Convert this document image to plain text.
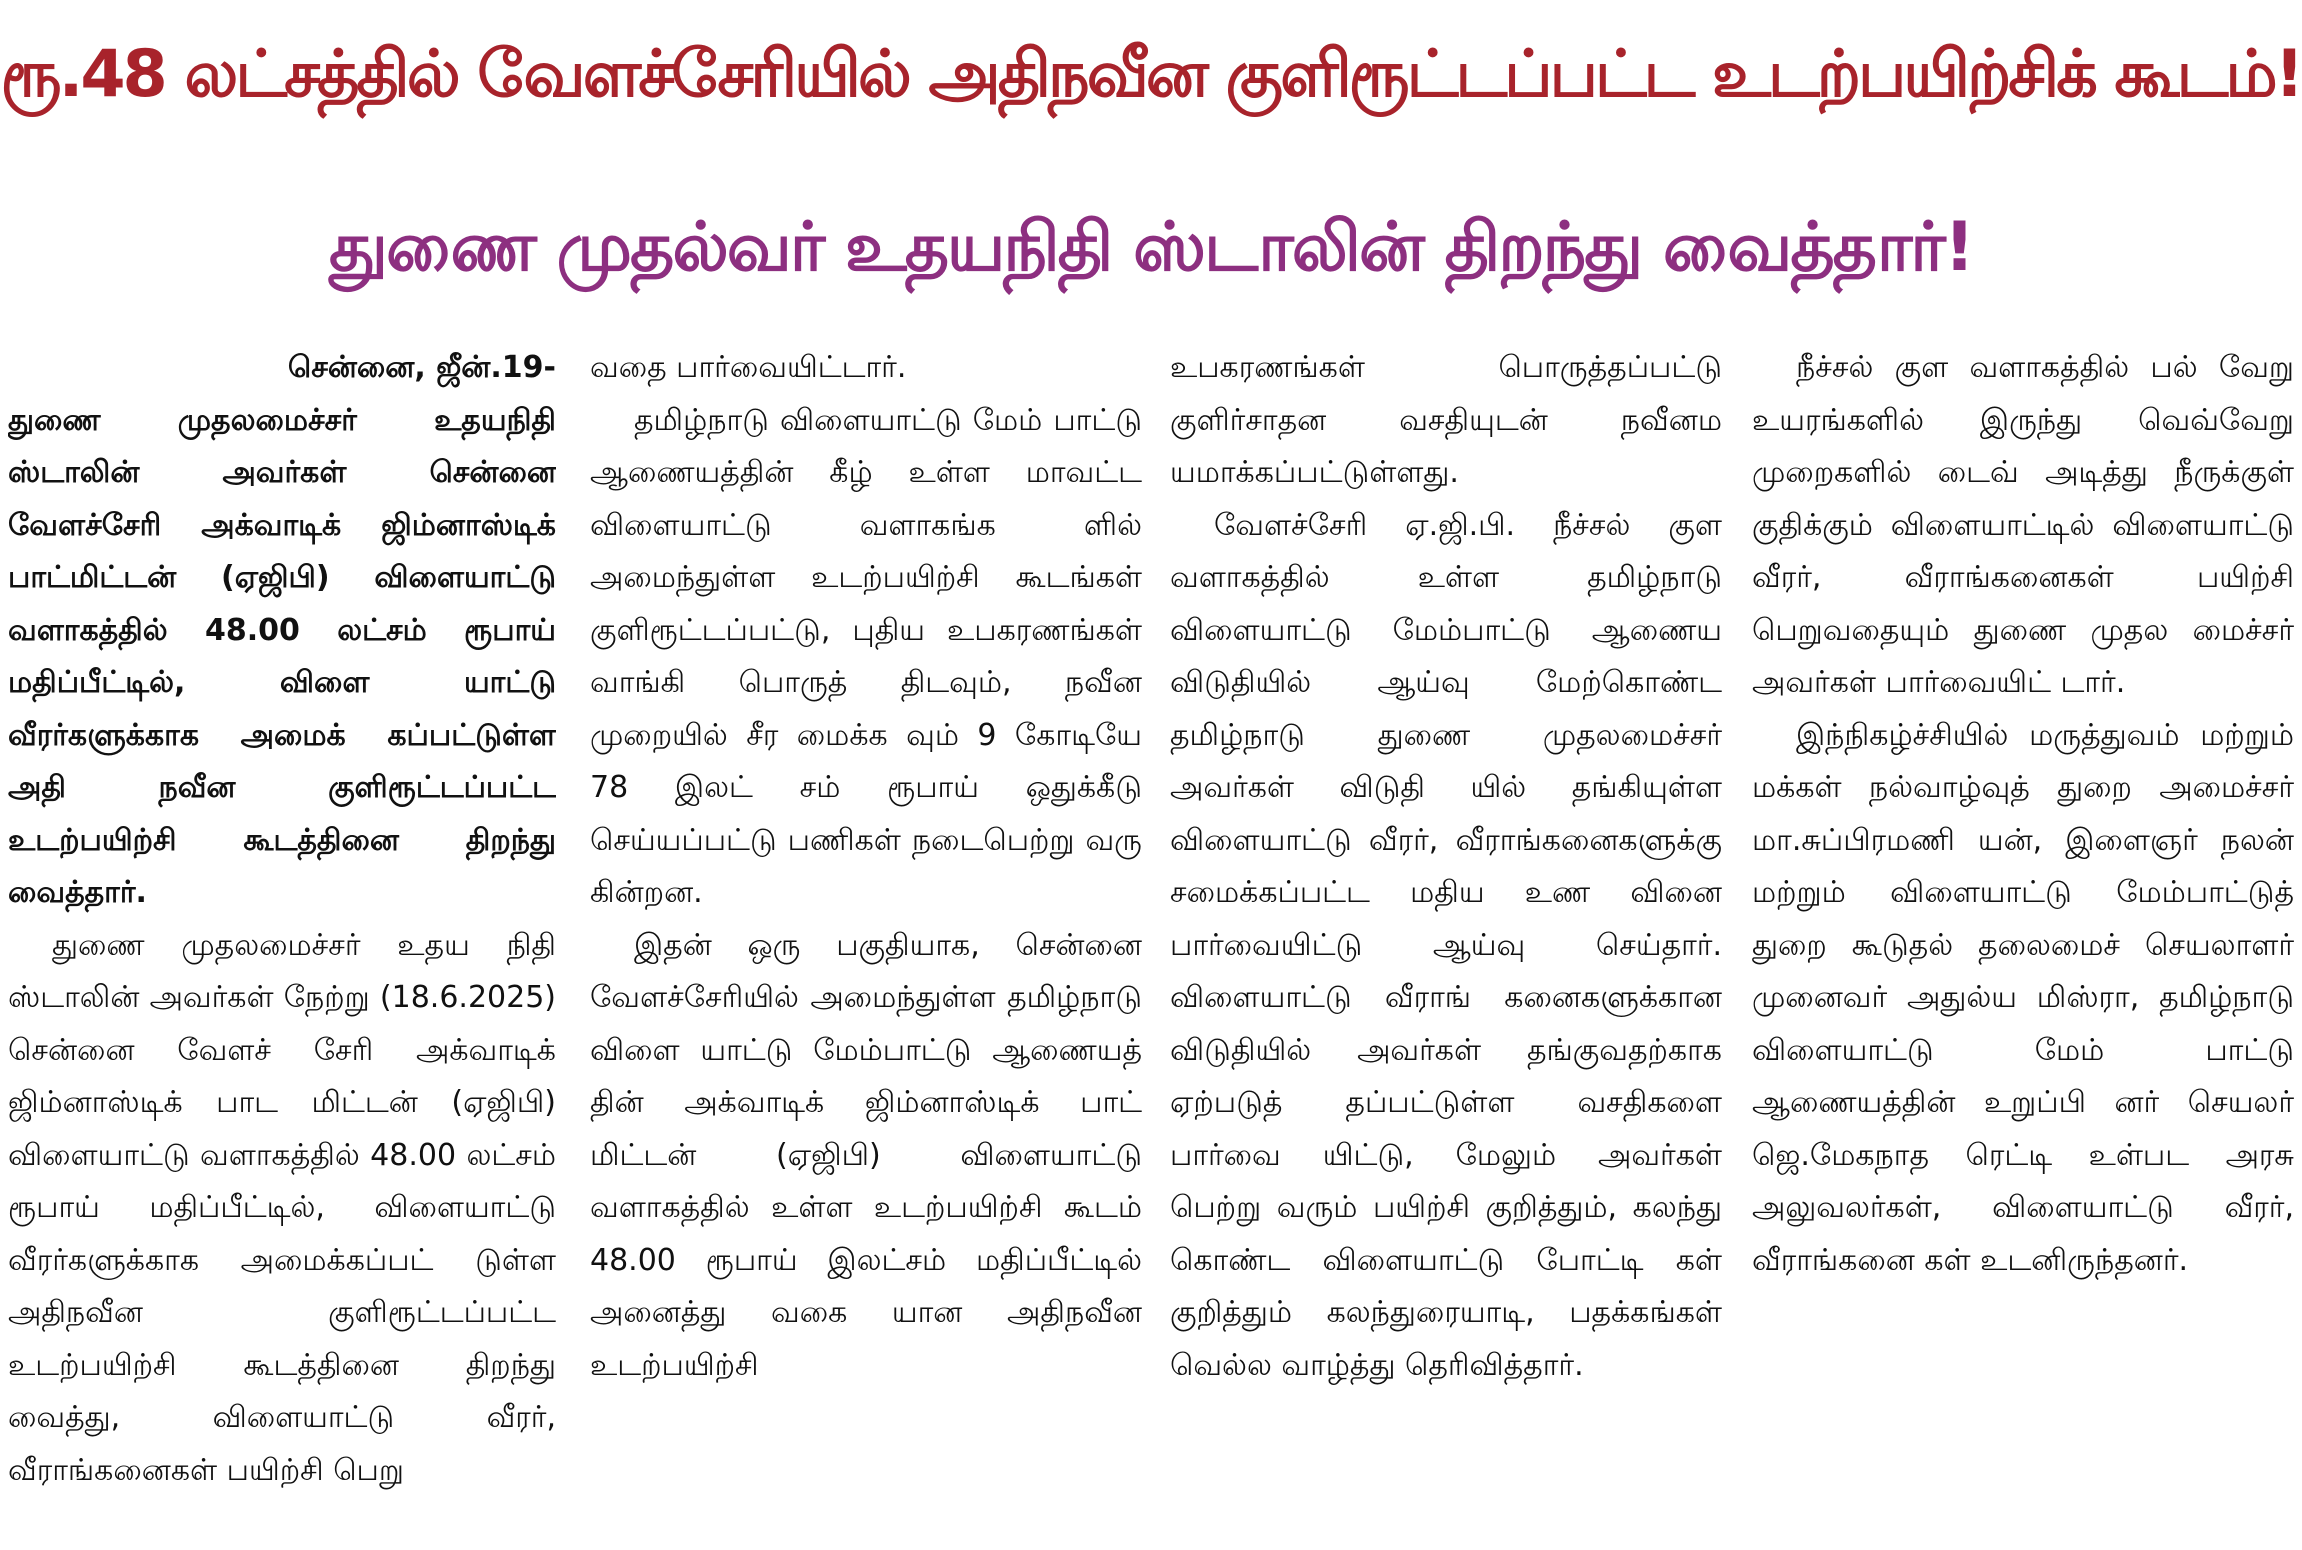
ரூ.48 லட்சத்தில் வேளச்சேரியில் அதிநவீன குளிரூட்டப்பட்ட உடற்பயிற்சிக் கூடம்!
துணை முதல்வர் உதயநிதி ஸ்டாலின் திறந்து வைத்தார்!

சென்னை, ஜீன்.19-

துணை முதலமைச்சர் உதயநிதி ஸ்டாலின் அவர்கள் சென்னை வேளச்சேரி அக்வாடிக் ஜிம்னாஸ்டிக் பாட்மிட்டன் (ஏஜிபி) விளையாட்டு வளாகத்தில் 48.00 லட்சம் ரூபாய் மதிப்பீட்டில், விளை யாட்டு வீரர்களுக்காக அமைக் கப்பட்டுள்ள அதி நவீன குளிரூட்டப்பட்ட உடற்பயிற்சி கூடத்தினை திறந்து வைத்தார்.

துணை முதலமைச்சர் உதய நிதி ஸ்டாலின் அவர்கள் நேற்று (18.6.2025) சென்னை வேளச் சேரி அக்வாடிக் ஜிம்னாஸ்டிக் பாட மிட்டன் (ஏஜிபி) விளையாட்டு வளாகத்தில் 48.00 லட்சம் ரூபாய் மதிப்பீட்டில், விளையாட்டு வீரர்களுக்காக அமைக்கப்பட் டுள்ள அதிநவீன குளிரூட்டப்பட்ட உடற்பயிற்சி கூடத்தினை திறந்து வைத்து, விளையாட்டு வீரர், வீராங்கனைகள் பயிற்சி பெறு

வதை பார்வையிட்டார்.

தமிழ்நாடு விளையாட்டு மேம் பாட்டு ஆணையத்தின் கீழ் உள்ள மாவட்ட விளையாட்டு வளாகங்க ளில் அமைந்துள்ள உடற்பயிற்சி கூடங்கள் குளிரூட்டப்பட்டு, புதிய உபகரணங்கள் வாங்கி பொருத் திடவும், நவீன முறையில் சீர மைக்க வும் 9 கோடியே 78 இலட் சம் ரூபாய் ஒதுக்கீடு செய்யப்பட்டு பணிகள் நடைபெற்று வரு கின்றன.

இதன் ஒரு பகுதியாக, சென்னை வேளச்சேரியில் அமைந்துள்ள தமிழ்நாடு விளை யாட்டு மேம்பாட்டு ஆணையத் தின் அக்வாடிக் ஜிம்னாஸ்டிக் பாட் மிட்டன் (ஏஜிபி) விளையாட்டு வளாகத்தில் உள்ள உடற்பயிற்சி கூடம் 48.00 ரூபாய் இலட்சம் மதிப்பீட்டில் அனைத்து வகை யான அதிநவீன உடற்பயிற்சி

உபகரணங்கள் பொருத்தப்பட்டு குளிர்சாதன வசதியுடன் நவீனம யமாக்கப்பட்டுள்ளது.

வேளச்சேரி ஏ.ஜி.பி. நீச்சல் குள வளாகத்தில் உள்ள தமிழ்நாடு விளையாட்டு மேம்பாட்டு ஆணைய விடுதியில் ஆய்வு மேற்கொண்ட தமிழ்நாடு துணை முதலமைச்சர் அவர்கள் விடுதி யில் தங்கியுள்ள விளையாட்டு வீரர், வீராங்கனைகளுக்கு சமைக்கப்பட்ட மதிய உண வினை பார்வையிட்டு ஆய்வு செய்தார். விளையாட்டு வீராங் கனைகளுக்கான விடுதியில் அவர்கள் தங்குவதற்காக ஏற்படுத் தப்பட்டுள்ள வசதிகளை பார்வை யிட்டு, மேலும் அவர்கள் பெற்று வரும் பயிற்சி குறித்தும், கலந்து கொண்ட விளையாட்டு போட்டி கள் குறித்தும் கலந்துரையாடி, பதக்கங்கள் வெல்ல வாழ்த்து தெரிவித்தார்.

நீச்சல் குள வளாகத்தில் பல் வேறு உயரங்களில் இருந்து வெவ்வேறு முறைகளில் டைவ் அடித்து நீருக்குள் குதிக்கும் விளையாட்டில் விளையாட்டு வீரர், வீராங்கனைகள் பயிற்சி பெறுவதையும் துணை முதல மைச்சர் அவர்கள் பார்வையிட் டார்.

இந்நிகழ்ச்சியில் மருத்துவம் மற்றும் மக்கள் நல்வாழ்வுத் துறை அமைச்சர் மா.சுப்பிரமணி யன், இளைஞர் நலன் மற்றும் விளையாட்டு மேம்பாட்டுத் துறை கூடுதல் தலைமைச் செயலாளர் முனைவர் அதுல்ய மிஸ்ரா, தமிழ்நாடு விளையாட்டு மேம் பாட்டு ஆணையத்தின் உறுப்பி னர் செயலர் ஜெ.மேகநாத ரெட்டி உள்பட அரசு அலுவலர்கள், விளையாட்டு வீரர், வீராங்கனை கள் உடனிருந்தனர்.
